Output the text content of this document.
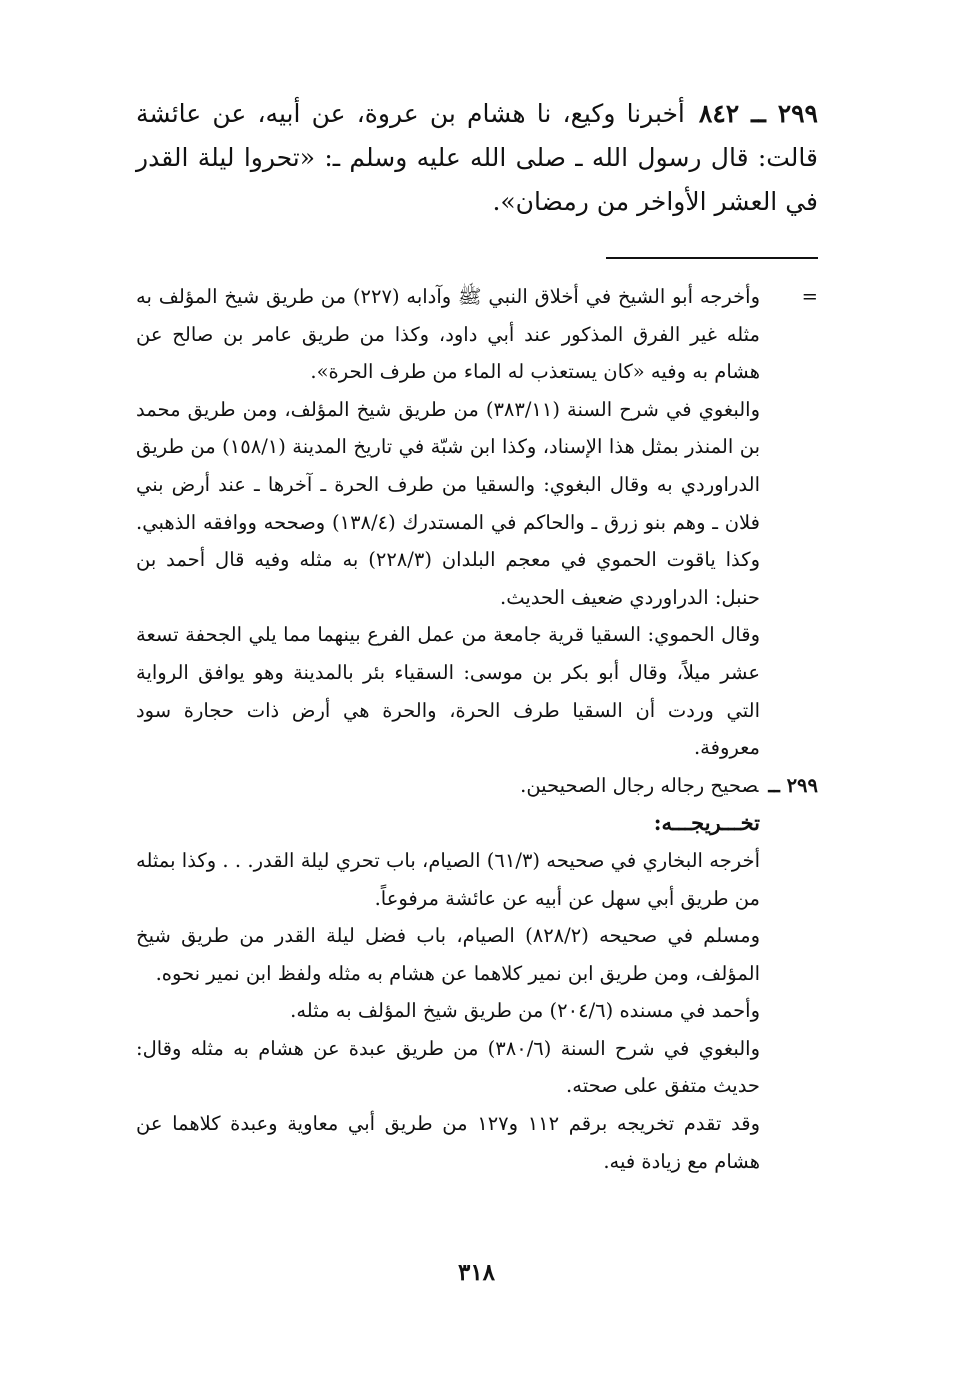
٢٩٩ ــ ٨٤٢أخبرنا وكيع، نا هشام بن عروة، عن أبيه، عن عائشة قالت: قال رسول الله ـ صلى الله عليه وسلم ـ: «تحروا ليلة القدر في العشر الأواخر من رمضان».

=
وأخرجه أبو الشيخ في أخلاق النبي ﷺ وآدابه (٢٢٧) من طريق شيخ المؤلف به مثله غير الفرق المذكور عند أبي داود، وكذا من طريق عامر بن صالح عن هشام به وفيه «كان يستعذب له الماء من طرف الحرة».

والبغوي في شرح السنة (٣٨٣/١١) من طريق شيخ المؤلف، ومن طريق محمد بن المنذر بمثل هذا الإسناد، وكذا ابن شبّة في تاريخ المدينة (١٥٨/١) من طريق الدراوردي به وقال البغوي: والسقيا من طرف الحرة ـ آخرها ـ عند أرض بني فلان ـ وهم بنو زرق ـ والحاكم في المستدرك (١٣٨/٤) وصححه ووافقه الذهبي. وكذا ياقوت الحموي في معجم البلدان (٢٢٨/٣) به مثله وفيه قال أحمد بن حنبل: الدراوردي ضعيف الحديث.

وقال الحموي: السقيا قرية جامعة من عمل الفرع بينهما مما يلي الجحفة تسعة عشر ميلاً، وقال أبو بكر بن موسى: السقياء بئر بالمدينة وهو يوافق الرواية التي وردت أن السقيا طرف الحرة، والحرة هي أرض ذات حجارة سود معروفة.

٢٩٩ ــصحيح رجاله رجال الصحيحين.

تخـــريجـــه:

أخرجه البخاري في صحيحه (٦١/٣) الصيام، باب تحري ليلة القدر. . . وكذا بمثله من طريق أبي سهل عن أبيه عن عائشة مرفوعاً.

ومسلم في صحيحه (٨٢٨/٢) الصيام، باب فضل ليلة القدر من طريق شيخ المؤلف، ومن طريق ابن نمير كلاهما عن هشام به مثله ولفظ ابن نمير نحوه.

وأحمد في مسنده (٢٠٤/٦) من طريق شيخ المؤلف به مثله.

والبغوي في شرح السنة (٣٨٠/٦) من طريق عبدة عن هشام به مثله وقال: حديث متفق على صحته.

وقد تقدم تخريجه برقم ١١٢ و١٢٧ من طريق أبي معاوية وعبدة كلاهما عن هشام مع زيادة فيه.

٣١٨
